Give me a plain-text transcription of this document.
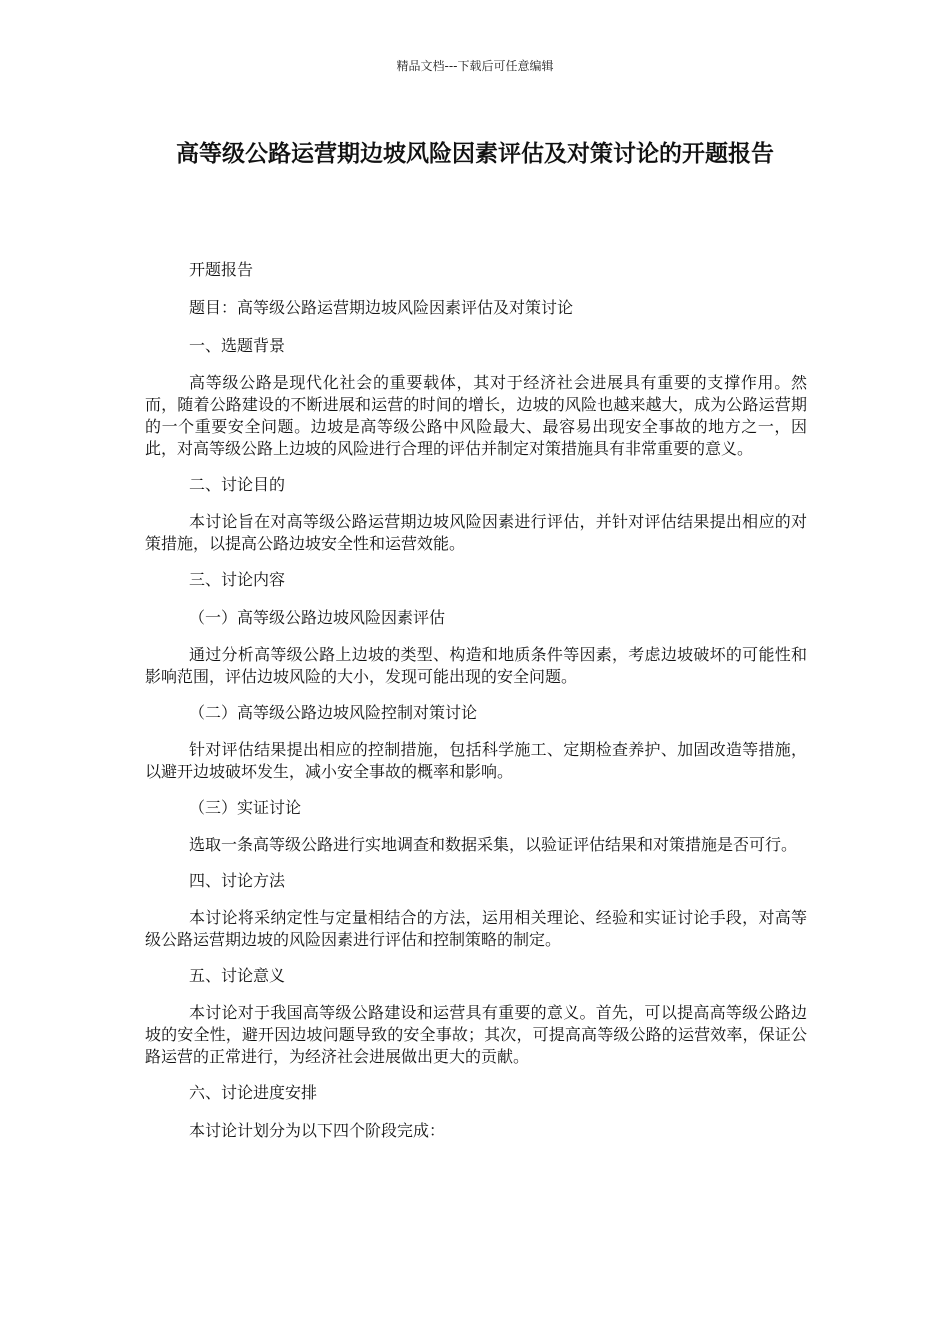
精品文档---下载后可任意编辑
高等级公路运营期边坡风险因素评估及对策讨论的开题报告
开题报告
题目：高等级公路运营期边坡风险因素评估及对策讨论
一、选题背景

高等级公路是现代化社会的重要载体，其对于经济社会进展具有重要的支撑作用。然而，随着公路建设的不断进展和运营的时间的增长，边坡的风险也越来越大，成为公路运营期的一个重要安全问题。边坡是高等级公路中风险最大、最容易出现安全事故的地方之一，因此，对高等级公路上边坡的风险进行合理的评估并制定对策措施具有非常重要的意义。

二、讨论目的

本讨论旨在对高等级公路运营期边坡风险因素进行评估，并针对评估结果提出相应的对策措施，以提高公路边坡安全性和运营效能。

三、讨论内容
（一）高等级公路边坡风险因素评估

通过分析高等级公路上边坡的类型、构造和地质条件等因素，考虑边坡破坏的可能性和影响范围，评估边坡风险的大小，发现可能出现的安全问题。

（二）高等级公路边坡风险控制对策讨论

针对评估结果提出相应的控制措施，包括科学施工、定期检查养护、加固改造等措施，以避开边坡破坏发生，减小安全事故的概率和影响。

（三）实证讨论

选取一条高等级公路进行实地调查和数据采集，以验证评估结果和对策措施是否可行。

四、讨论方法

本讨论将采纳定性与定量相结合的方法，运用相关理论、经验和实证讨论手段，对高等级公路运营期边坡的风险因素进行评估和控制策略的制定。

五、讨论意义

本讨论对于我国高等级公路建设和运营具有重要的意义。首先，可以提高高等级公路边坡的安全性，避开因边坡问题导致的安全事故；其次，可提高高等级公路的运营效率，保证公路运营的正常进行，为经济社会进展做出更大的贡献。

六、讨论进度安排
本讨论计划分为以下四个阶段完成：
